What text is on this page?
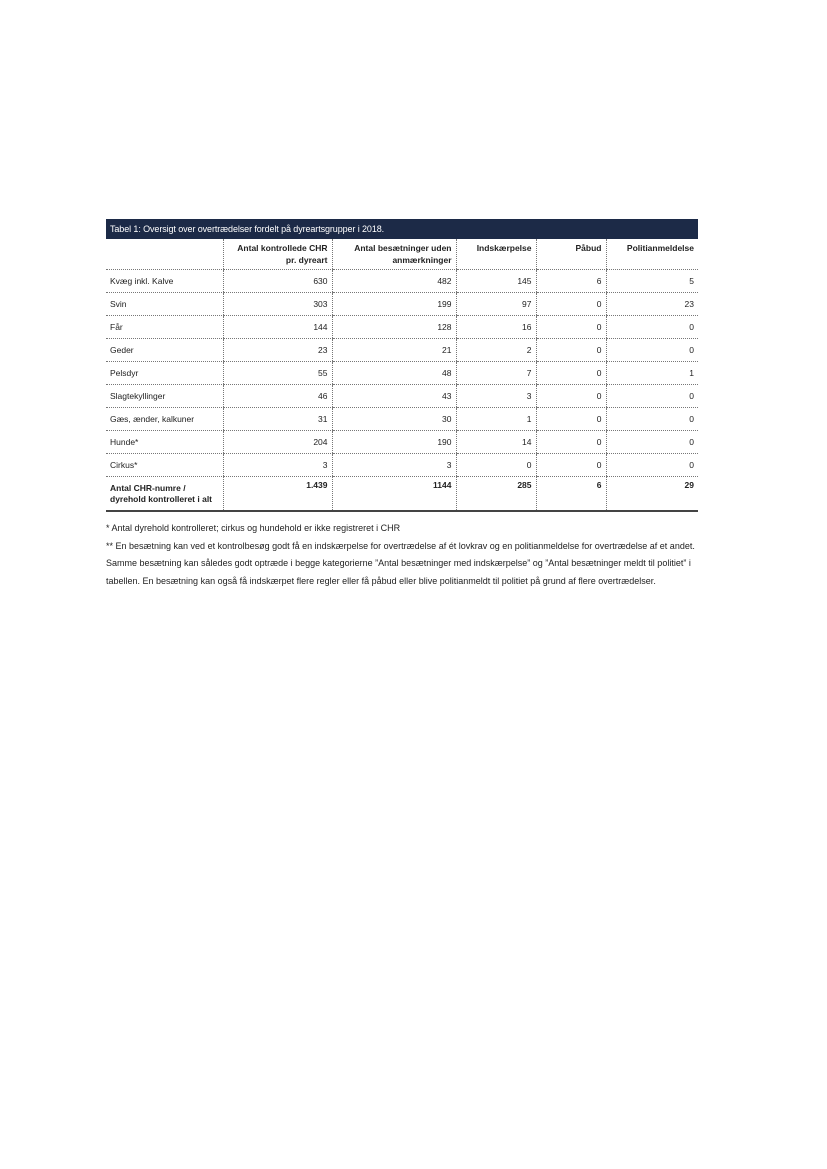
Tabel 1: Oversigt over overtrædelser fordelt på dyreartsgrupper i 2018.
	Antal kontrollede CHR pr. dyreart	Antal besætninger uden anmærkninger	Indskærpelse	Påbud	Politianmeldelse
Kvæg inkl. Kalve	630	482	145	6	5
Svin	303	199	97	0	23
Får	144	128	16	0	0
Geder	23	21	2	0	0
Pelsdyr	55	48	7	0	1
Slagtekyllinger	46	43	3	0	0
Gæs, ænder, kalkuner	31	30	1	0	0
Hunde*	204	190	14	0	0
Cirkus*	3	3	0	0	0
Antal CHR-numre / dyrehold kontrolleret i alt	1.439	1144	285	6	29

* Antal dyrehold kontrolleret; cirkus og hundehold er ikke registreret i CHR

** En besætning kan ved et kontrolbesøg godt få en indskærpelse for overtrædelse af ét lovkrav og en politianmeldelse for overtrædelse af et andet. Samme besætning kan således godt optræde i begge kategorierne ”Antal besætninger med indskærpelse” og ”Antal besætninger meldt til politiet” i tabellen. En besætning kan også få indskærpet flere regler eller få påbud eller blive politianmeldt til politiet på grund af flere overtrædelser.
